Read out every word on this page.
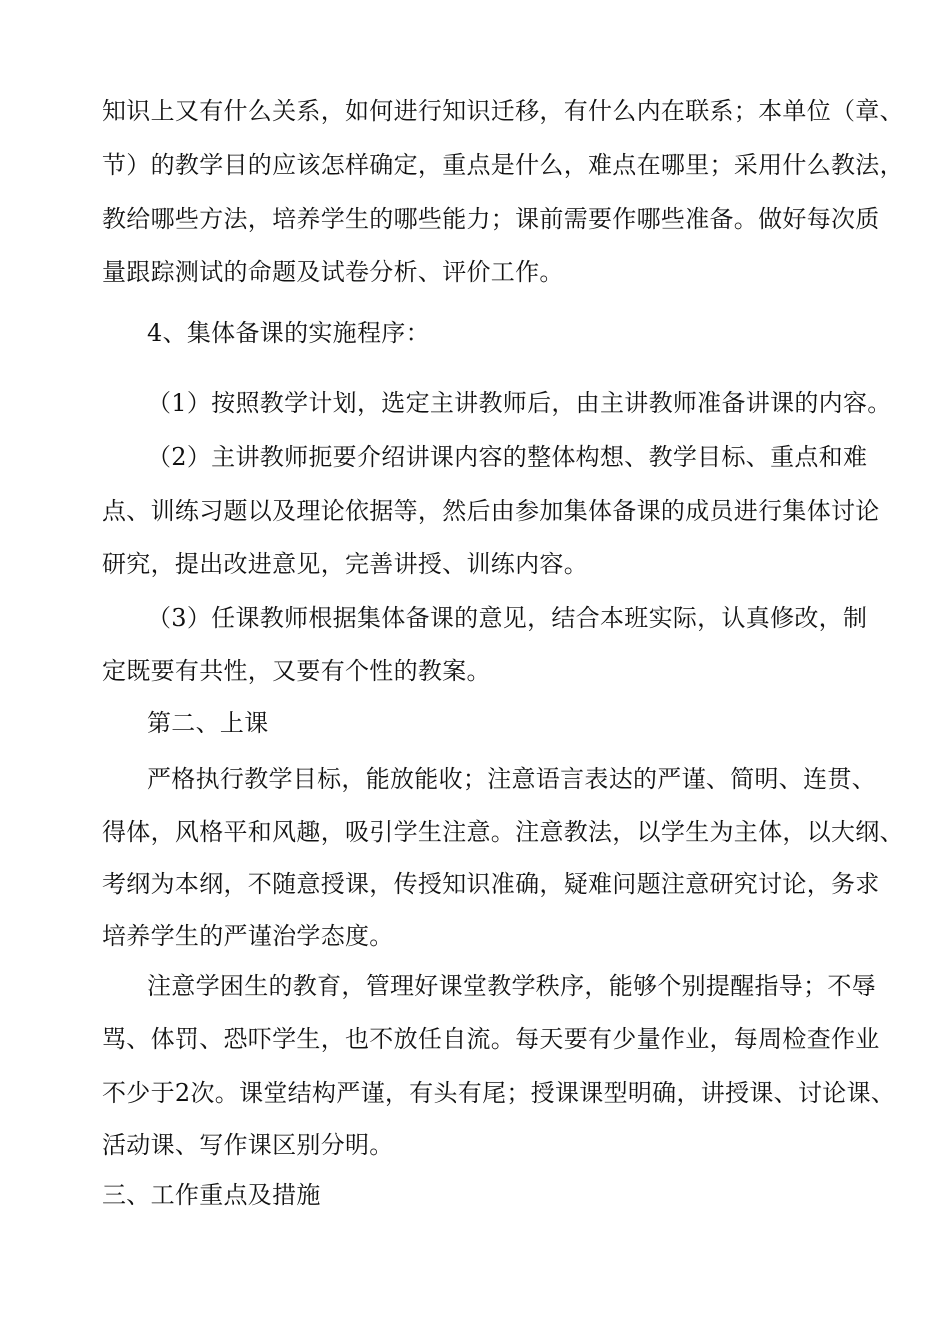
知识上又有什么关系，如何进行知识迁移，有什么内在联系；本单位（章、
节）的教学目的应该怎样确定，重点是什么，难点在哪里；采用什么教法，
教给哪些方法，培养学生的哪些能力；课前需要作哪些准备。做好每次质
量跟踪测试的命题及试卷分析、评价工作。
4、集体备课的实施程序：
（1）按照教学计划，选定主讲教师后，由主讲教师准备讲课的内容。
（2）主讲教师扼要介绍讲课内容的整体构想、教学目标、重点和难
点、训练习题以及理论依据等，然后由参加集体备课的成员进行集体讨论
研究，提出改进意见，完善讲授、训练内容。
（3）任课教师根据集体备课的意见，结合本班实际，认真修改，制
定既要有共性，又要有个性的教案。
第二、上课
严格执行教学目标，能放能收；注意语言表达的严谨、简明、连贯、
得体，风格平和风趣，吸引学生注意。注意教法，以学生为主体，以大纲、
考纲为本纲，不随意授课，传授知识准确，疑难问题注意研究讨论，务求
培养学生的严谨治学态度。
注意学困生的教育，管理好课堂教学秩序，能够个别提醒指导；不辱
骂、体罚、恐吓学生，也不放任自流。每天要有少量作业，每周检查作业
不少于2次。课堂结构严谨，有头有尾；授课课型明确，讲授课、讨论课、
活动课、写作课区别分明。
三、工作重点及措施
